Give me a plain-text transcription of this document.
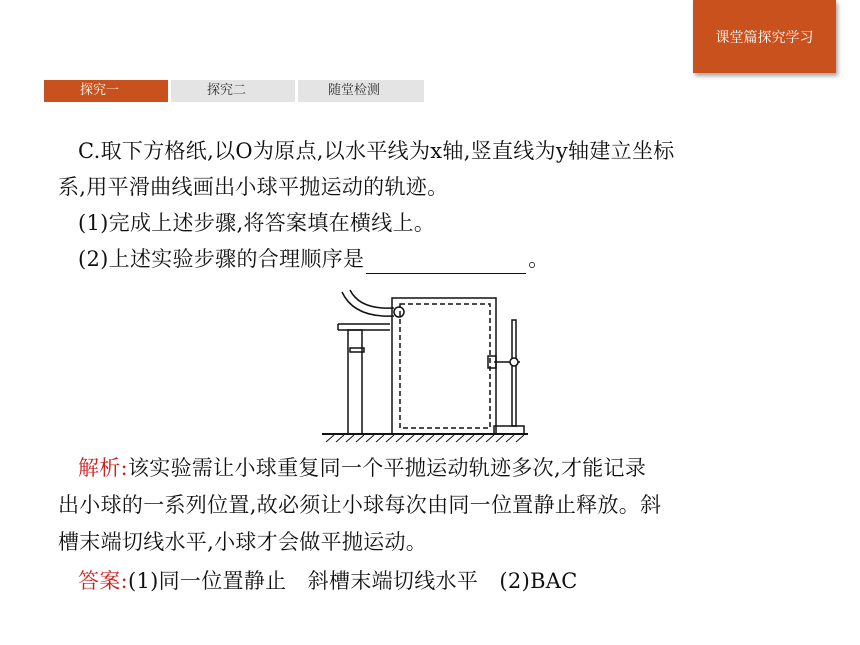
课堂篇探究学习
探究一	探究二	随堂检测
C.取下方格纸,以O为原点,以水平线为x轴,竖直线为y轴建立坐标
系,用平滑曲线画出小球平抛运动的轨迹。
(1)完成上述步骤,将答案填在横线上。
(2)上述实验步骤的合理顺序是	。
解析:该实验需让小球重复同一个平抛运动轨迹多次,才能记录
出小球的一系列位置,故必须让小球每次由同一位置静止释放。斜
槽末端切线水平,小球才会做平抛运动。
答案:(1)同一位置静止　斜槽末端切线水平　(2)BAC
